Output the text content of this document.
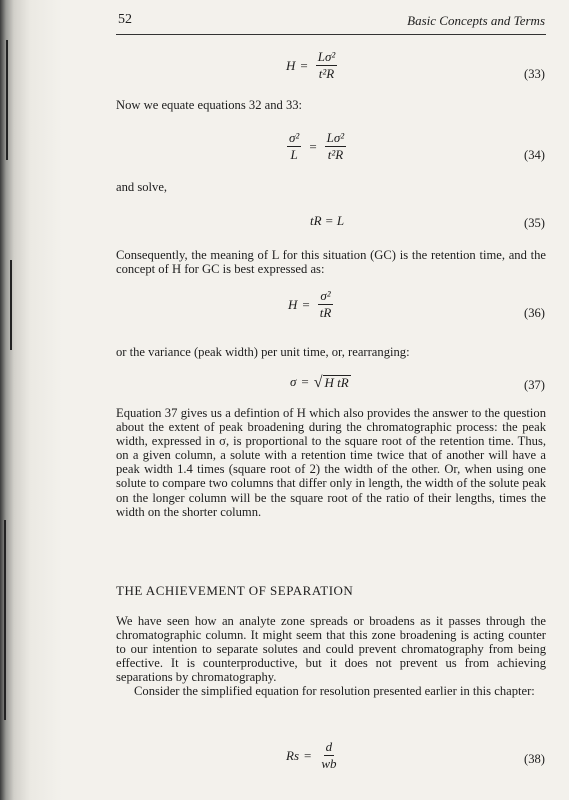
52	Basic Concepts and Terms
$H = \frac{\text{Lσ²}}{\text{t²R}}$	(33)
Now we equate equations 32 and 33:
$\frac{\text{σ²}}{L} = \frac{\text{Lσ²}}{\text{t²R}}$	(34)
and solve,
tR = L	(35)
Consequently, the meaning of L for this situation (GC) is the retention time, and the concept of H for GC is best expressed as:
$H = \frac{\text{σ²}}{tR}$	(36)
or the variance (peak width) per unit time, or, rearranging:
σ = √ H tR	(37)
Equation 37 gives us a defintion of H which also provides the answer to the question about the extent of peak broadening during the chromatographic process: the peak width, expressed in σ, is proportional to the square root of the retention time. Thus, on a given column, a solute with a retention time twice that of another will have a peak width 1.4 times (square root of 2) the width of the other. Or, when using one solute to compare two columns that differ only in length, the width of the solute peak on the longer column will be the square root of the ratio of their lengths, times the width on the shorter column.
THE ACHIEVEMENT OF SEPARATION
We have seen how an analyte zone spreads or broadens as it passes through the chromatographic column. It might seem that this zone broadening is acting counter to our intention to separate solutes and could prevent chromatography from being effective. It is counterproductive, but it does not prevent us from achieving separations by chromatography.
Consider the simplified equation for resolution presented earlier in this chapter:
$Rs = \frac{d}{wb}$	(38)
